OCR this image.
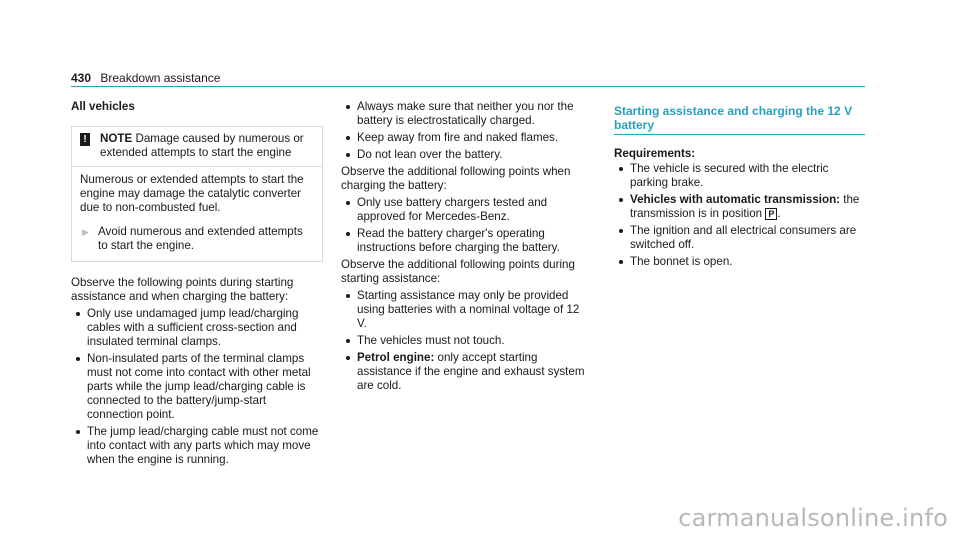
430 Breakdown assistance

All vehicles

! NOTE Damage caused by numerous or extended attempts to start the engine

Numerous or extended attempts to start the engine may damage the catalytic converter due to non-combusted fuel.

▶ Avoid numerous and extended attempts to start the engine.

Observe the following points during starting assistance and when charging the battery:

Only use undamaged jump lead/charging cables with a sufficient cross-section and insulated terminal clamps.
Non-insulated parts of the terminal clamps must not come into contact with other metal parts while the jump lead/charging cable is connected to the battery/jump-start connection point.
The jump lead/charging cable must not come into contact with any parts which may move when the engine is running.
Always make sure that neither you nor the battery is electrostatically charged.
Keep away from fire and naked flames.
Do not lean over the battery.

Observe the additional following points when charging the battery:

Only use battery chargers tested and approved for Mercedes-Benz.
Read the battery charger's operating instructions before charging the battery.

Observe the additional following points during starting assistance:

Starting assistance may only be provided using batteries with a nominal voltage of 12 V.
The vehicles must not touch.
Petrol engine: only accept starting assistance if the engine and exhaust system are cold.

Starting assistance and charging the 12 V battery

Requirements:

The vehicle is secured with the electric parking brake.
Vehicles with automatic transmission: the transmission is in position P .
The ignition and all electrical consumers are switched off.
The bonnet is open.
carmanualsonline.info
